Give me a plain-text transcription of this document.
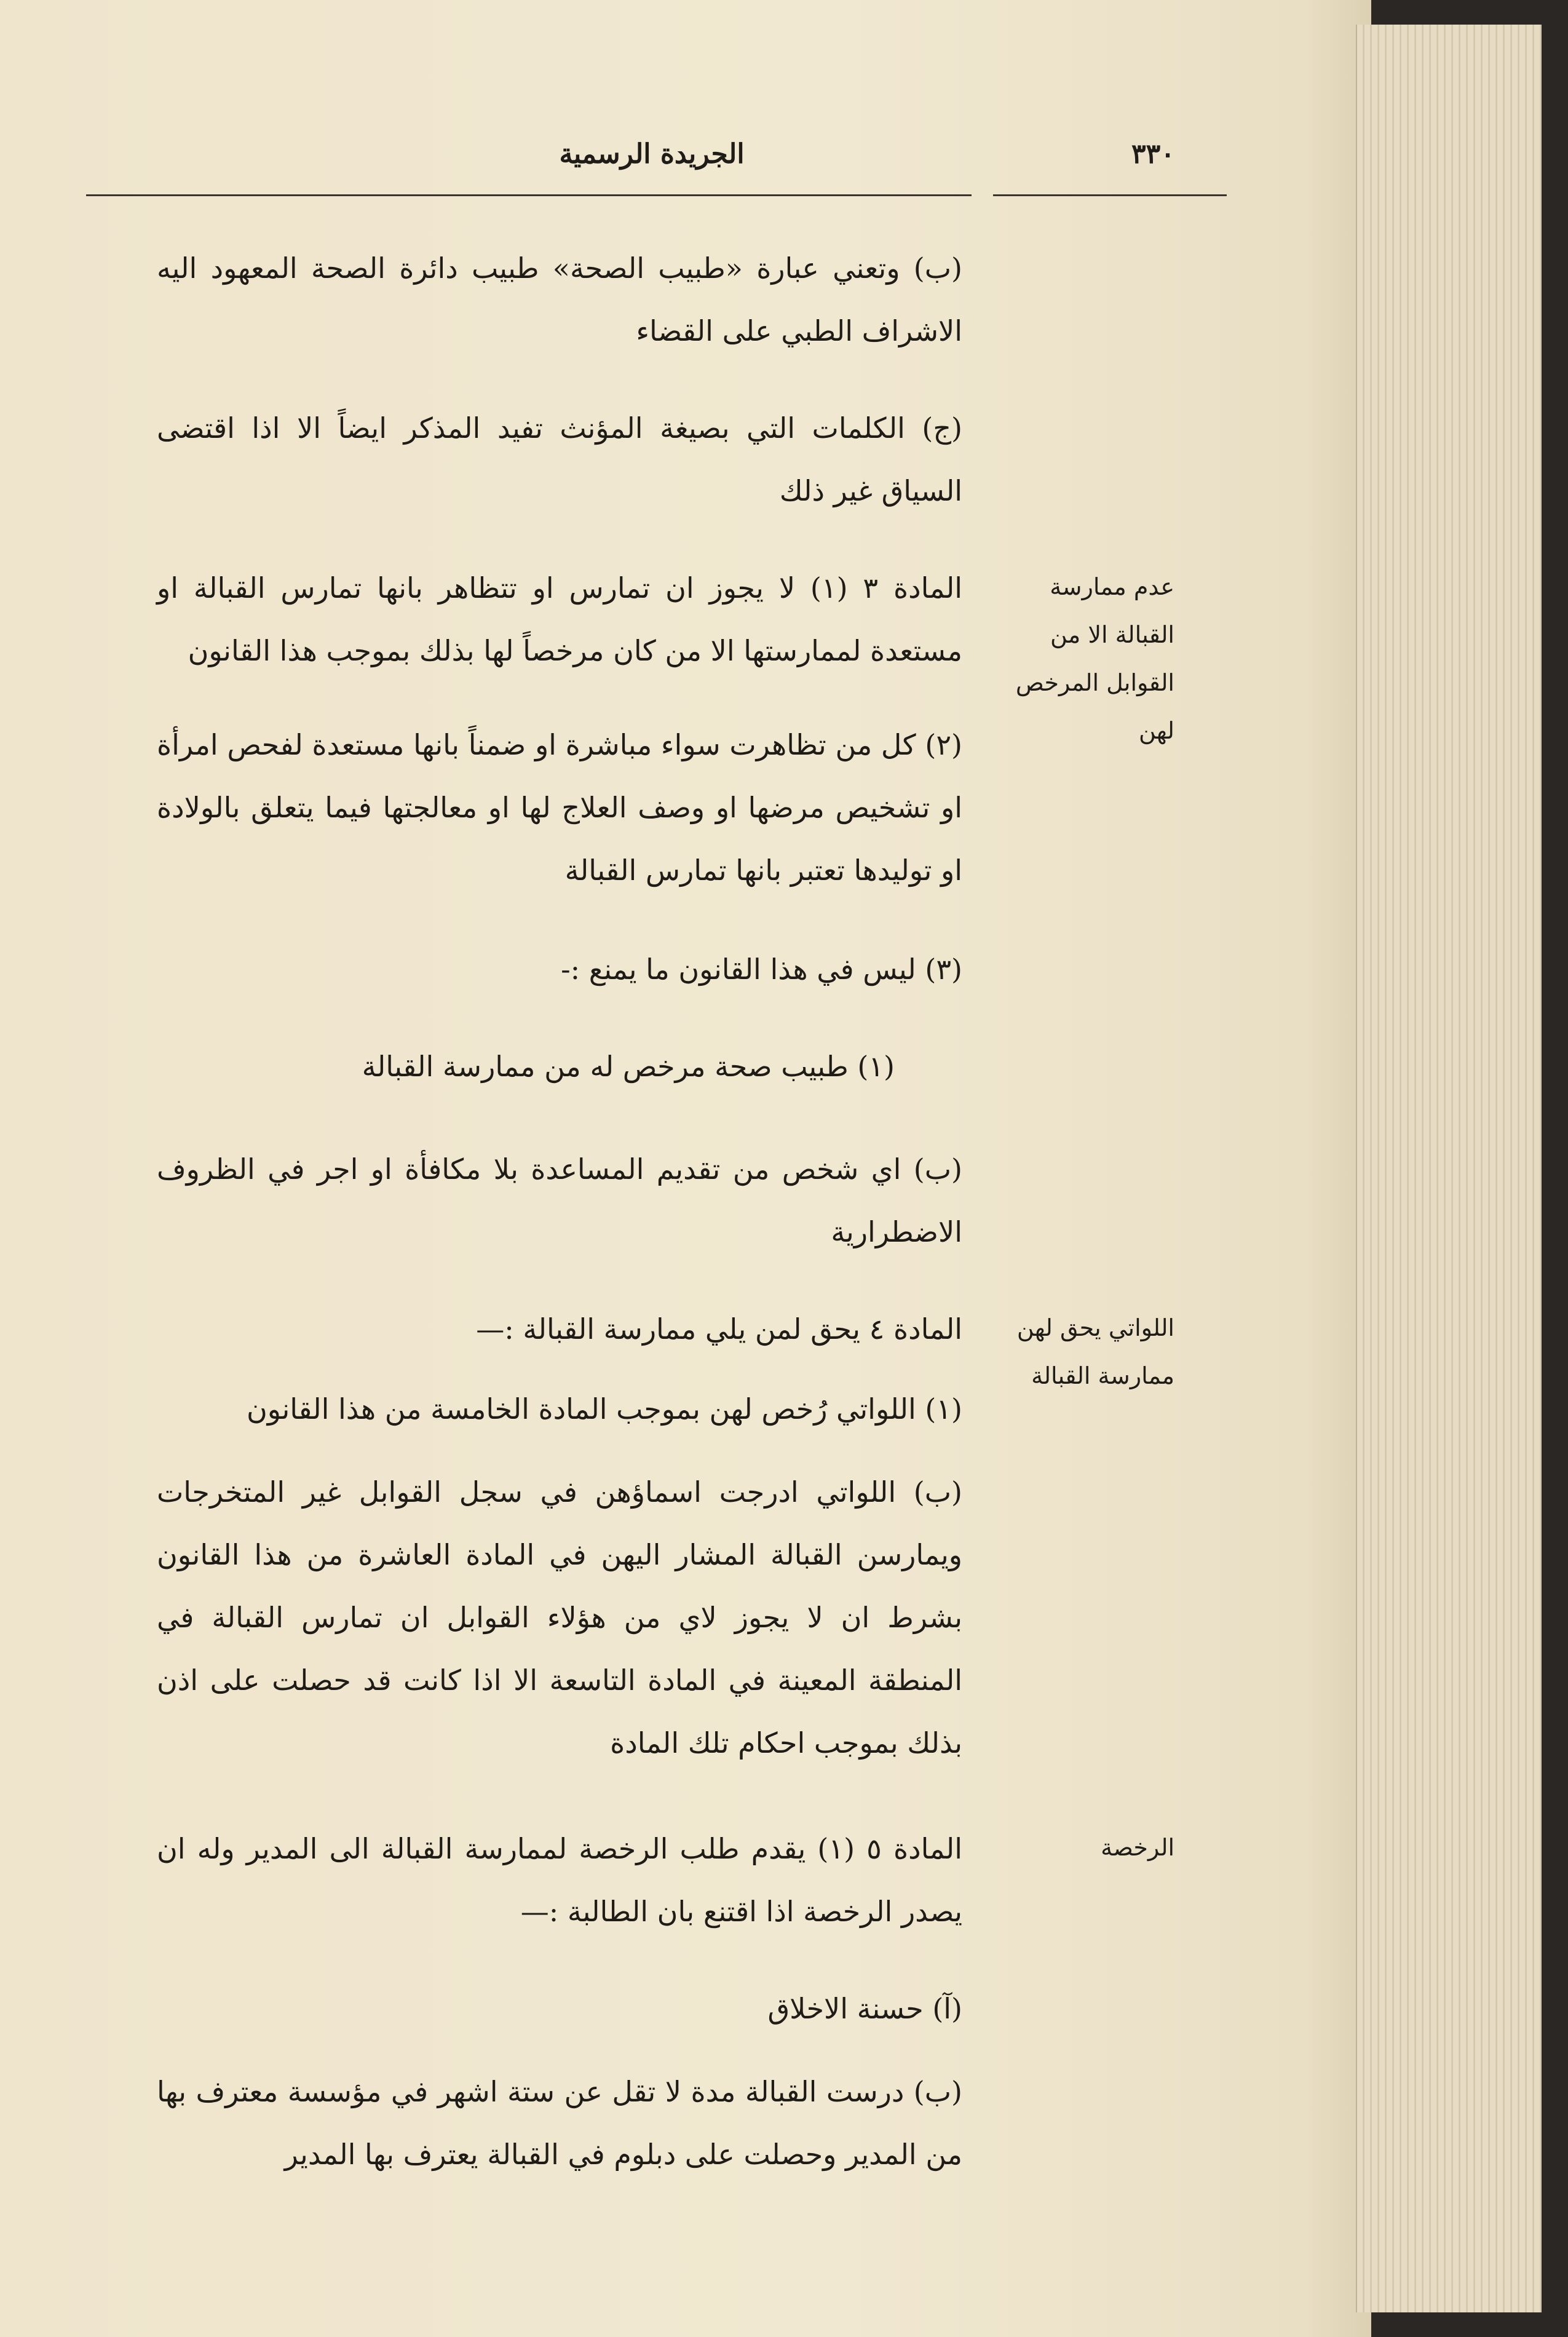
٣٣٠
الجريدة الرسمية
عدم ممارسة القبالة الا من القوابل المرخص لهن
اللواتي يحق لهن ممارسة القبالة
الرخصة
(ب) وتعني عبارة «طبيب الصحة» طبيب دائرة الصحة المعهود اليه الاشراف الطبي على القضاء
(ج) الكلمات التي بصيغة المؤنث تفيد المذكر ايضاً الا اذا اقتضى السياق غير ذلك
المادة ٣ (١) لا يجوز ان تمارس او تتظاهر بانها تمارس القبالة او مستعدة لممارستها الا من كان مرخصاً لها بذلك بموجب هذا القانون
(٢) كل من تظاهرت سواء مباشرة او ضمناً بانها مستعدة لفحص امرأة او تشخيص مرضها او وصف العلاج لها او معالجتها فيما يتعلق بالولادة او توليدها تعتبر بانها تمارس القبالة
(٣) ليس في هذا القانون ما يمنع :-
(١) طبيب صحة مرخص له من ممارسة القبالة
(ب) اي شخص من تقديم المساعدة بلا مكافأة او اجر في الظروف الاضطرارية
المادة ٤ يحق لمن يلي ممارسة القبالة :—
(١) اللواتي رُخص لهن بموجب المادة الخامسة من هذا القانون
(ب) اللواتي ادرجت اسماؤهن في سجل القوابل غير المتخرجات ويمارسن القبالة المشار اليهن في المادة العاشرة من هذا القانون بشرط ان لا يجوز لاي من هؤلاء القوابل ان تمارس القبالة في المنطقة المعينة في المادة التاسعة الا اذا كانت قد حصلت على اذن بذلك بموجب احكام تلك المادة
المادة ٥ (١) يقدم طلب الرخصة لممارسة القبالة الى المدير وله ان يصدر الرخصة اذا اقتنع بان الطالبة :—
(آ) حسنة الاخلاق
(ب) درست القبالة مدة لا تقل عن ستة اشهر في مؤسسة معترف بها من المدير وحصلت على دبلوم في القبالة يعترف بها المدير
